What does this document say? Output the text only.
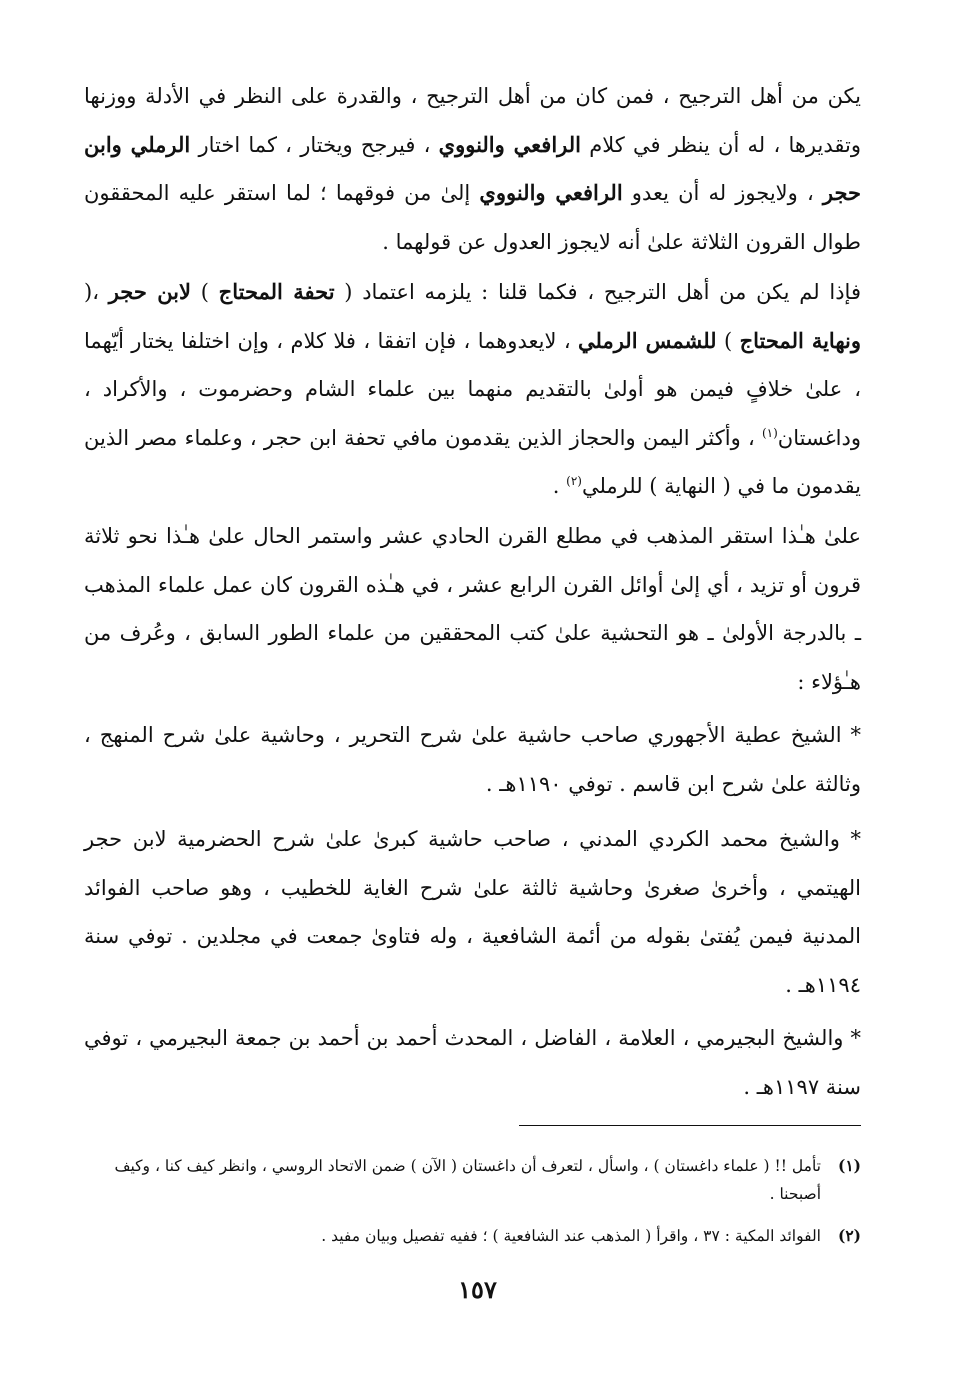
يكن من أهل الترجيح ، فمن كان من أهل الترجيح ، والقدرة على النظر في الأدلة ووزنها وتقديرها ، له أن ينظر في كلام الرافعي والنووي ، فيرجح ويختار ، كما اختار الرملي وابن حجر ، ولايجوز له أن يعدو الرافعي والنووي إلىٰ من فوقهما ؛ لما استقر عليه المحققون طوال القرون الثلاثة علىٰ أنه لايجوز العدول عن قولهما .

فإذا لم يكن من أهل الترجيح ، فكما قلنا : يلزمه اعتماد ( تحفة المحتاج ) لابن حجر ،( ونهاية المحتاج ) للشمس الرملي ، لايعدوهما ، فإن اتفقا ، فلا كلام ، وإن اختلفا يختار أيّهما ، علىٰ خلافٍ فيمن هو أولىٰ بالتقديم منهما بين علماء الشام وحضرموت ، والأكراد ، وداغستان$^{(١)}$ ، وأكثر اليمن والحجاز الذين يقدمون مافي تحفة ابن حجر ، وعلماء مصر الذين يقدمون ما في ( النهاية ) للرملي$^{(٢)}$ .

علىٰ هـٰذا استقر المذهب في مطلع القرن الحادي عشر واستمر الحال علىٰ هـٰذا نحو ثلاثة قرون أو تزيد ، أي إلىٰ أوائل القرن الرابع عشر ، في هـٰذه القرون كان عمل علماء المذهب ـ بالدرجة الأولىٰ ـ هو التحشية علىٰ كتب المحققين من علماء الطور السابق ، وعُرف من هـٰؤلاء :

* الشيخ عطية الأجهوري صاحب حاشية علىٰ شرح التحرير ، وحاشية علىٰ شرح المنهج ، وثالثة علىٰ شرح ابن قاسم . توفي ١١٩٠هـ .

* والشيخ محمد الكردي المدني ، صاحب حاشية كبرىٰ علىٰ شرح الحضرمية لابن حجر الهيتمي ، وأخرىٰ صغرىٰ وحاشية ثالثة علىٰ شرح الغاية للخطيب ، وهو صاحب الفوائد المدنية فيمن يُفتىٰ بقوله من أئمة الشافعية ، وله فتاوىٰ جمعت في مجلدين . توفي سنة ١١٩٤هـ .

* والشيخ البجيرمي ، العلامة ، الفاضل ، المحدث أحمد بن أحمد بن جمعة البجيرمي ، توفي سنة ١١٩٧هـ .

(١)
تأمل !! ( علماء داغستان ) ، واسأل ، لتعرف أن داغستان ( الآن ) ضمن الاتحاد الروسي ، وانظر كيف كنا ، وكيف أصبحنا .
(٢)
الفوائد المكية : ٣٧ ، واقرأ ( المذهب عند الشافعية ) ؛ ففيه تفصيل وبيان مفيد .
١٥٧
